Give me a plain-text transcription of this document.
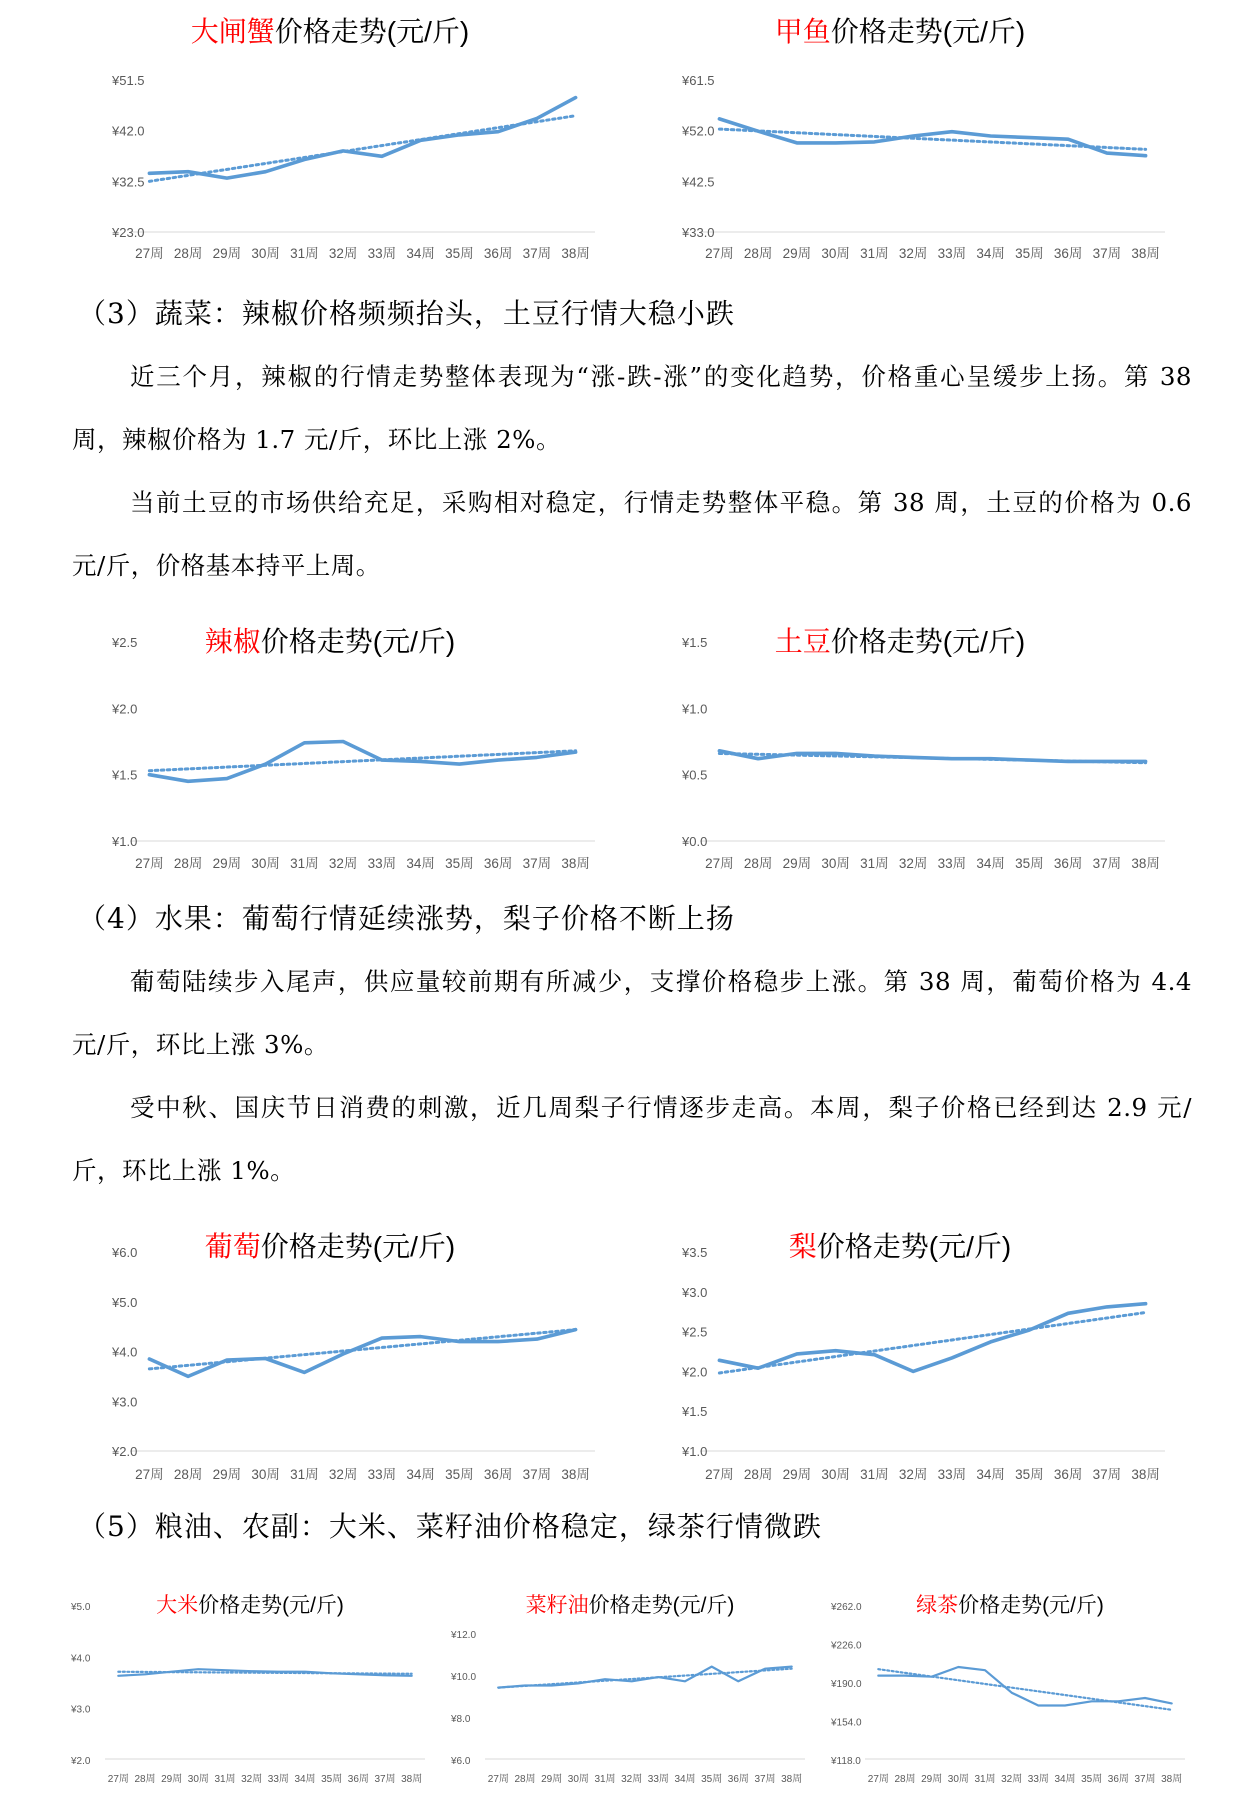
大闸蟹价格走势(元/斤)
¥23.0
¥32.5
¥42.0
¥51.5
27周 28周 29周 30周 31周 32周 33周 34周 35周 36周 37周 38周
甲鱼价格走势(元/斤)
¥33.0
¥42.5
¥52.0
¥61.5
27周 28周 29周 30周 31周 32周 33周 34周 35周 36周 37周 38周
（3）蔬菜：辣椒价格频频抬头，土豆行情大稳小跌
近三个月，辣椒的行情走势整体表现为“涨-跌-涨”的变化趋势，价格重心呈缓步上扬。第 38 周，辣椒价格为 1.7 元/斤，环比上涨 2%。
当前土豆的市场供给充足，采购相对稳定，行情走势整体平稳。第 38 周，土豆的价格为 0.6 元/斤，价格基本持平上周。
辣椒价格走势(元/斤)
¥1.0
¥1.5
¥2.0
¥2.5
27周 28周 29周 30周 31周 32周 33周 34周 35周 36周 37周 38周
土豆价格走势(元/斤)
¥0.0
¥0.5
¥1.0
¥1.5
27周 28周 29周 30周 31周 32周 33周 34周 35周 36周 37周 38周
（4）水果：葡萄行情延续涨势，梨子价格不断上扬
葡萄陆续步入尾声，供应量较前期有所减少，支撑价格稳步上涨。第 38 周，葡萄价格为 4.4 元/斤，环比上涨 3%。
受中秋、国庆节日消费的刺激，近几周梨子行情逐步走高。本周，梨子价格已经到达 2.9 元/斤，环比上涨 1%。
葡萄价格走势(元/斤)
¥2.0
¥3.0
¥4.0
¥5.0
¥6.0
27周 28周 29周 30周 31周 32周 33周 34周 35周 36周 37周 38周
梨价格走势(元/斤)
¥1.0
¥1.5
¥2.0
¥2.5
¥3.0
¥3.5
27周 28周 29周 30周 31周 32周 33周 34周 35周 36周 37周 38周
（5）粮油、农副：大米、菜籽油价格稳定，绿茶行情微跌
大米价格走势(元/斤)
¥2.0
¥3.0
¥4.0
¥5.0
27周 28周 29周 30周 31周 32周 33周 34周 35周 36周 37周 38周
菜籽油价格走势(元/斤)
¥6.0
¥8.0
¥10.0
¥12.0
27周 28周 29周 30周 31周 32周 33周 34周 35周 36周 37周 38周
绿茶价格走势(元/斤)
¥118.0
¥154.0
¥190.0
¥226.0
¥262.0
27周 28周 29周 30周 31周 32周 33周 34周 35周 36周 37周 38周
